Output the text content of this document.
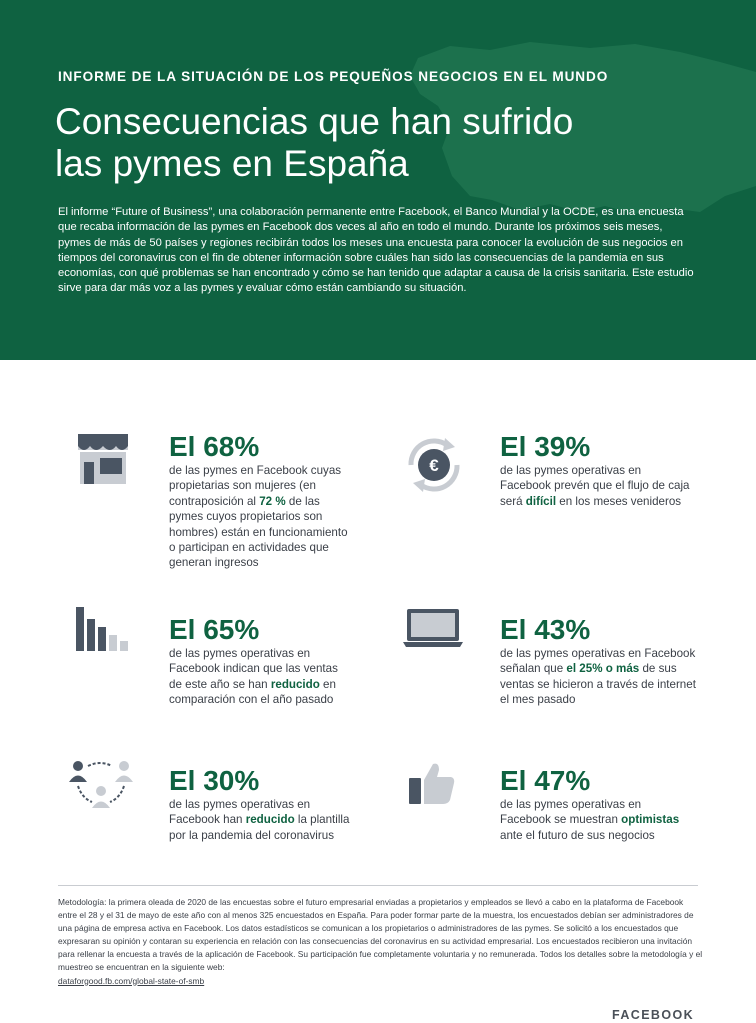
INFORME DE LA SITUACIÓN DE LOS PEQUEÑOS NEGOCIOS EN EL MUNDO
Consecuencias que han sufrido
las pymes en España

El informe “Future of Business”, una colaboración permanente entre Facebook, el Banco Mundial y la OCDE, es una encuesta que recaba información de las pymes en Facebook dos veces al año en todo el mundo. Durante los próximos seis meses, pymes de más de 50 países y regiones recibirán todos los meses una encuesta para conocer la evolución de sus negocios en tiempos del coronavirus con el fin de obtener información sobre cuáles han sido las consecuencias de la pandemia en sus economías, con qué problemas se han encontrado y cómo se han tenido que adaptar a causa de la crisis sanitaria. Este estudio sirve para dar más voz a las pymes y evaluar cómo están cambiando su situación.

El 68%
de las pymes en Facebook cuyas
propietarias son mujeres (en
contraposición al 72 % de las
pymes cuyos propietarios son
hombres) están en funcionamiento
o participan en actividades que
generan ingresos
€
El 39%
de las pymes operativas en
Facebook prevén que el flujo de caja
será difícil en los meses venideros
El 65%
de las pymes operativas en
Facebook indican que las ventas
de este año se han reducido en
comparación con el año pasado
El 43%
de las pymes operativas en Facebook
señalan que el 25% o más de sus
ventas se hicieron a través de internet
el mes pasado
El 30%
de las pymes operativas en
Facebook han reducido la plantilla
por la pandemia del coronavirus
El 47%
de las pymes operativas en
Facebook se muestran optimistas
ante el futuro de sus negocios

Metodología: la primera oleada de 2020 de las encuestas sobre el futuro empresarial enviadas a propietarios y empleados se llevó a cabo en la plataforma de Facebook entre el 28 y el 31 de mayo de este año con al menos 325 encuestados en España. Para poder formar parte de la muestra, los encuestados debían ser administradores de una página de empresa activa en Facebook. Los datos estadísticos se comunican a los propietarios o administradores de las pymes. Se solicitó a los encuestados que expresaran su opinión y contaran su experiencia en relación con las consecuencias del coronavirus en su actividad empresarial. Los encuestados recibieron una invitación para rellenar la encuesta a través de la aplicación de Facebook. Su participación fue completamente voluntaria y no remunerada. Todos los detalles sobre la metodología y el muestreo se encuentran en la siguiente web:
dataforgood.fb.com/global-state-of-smb

FACEBOOK
